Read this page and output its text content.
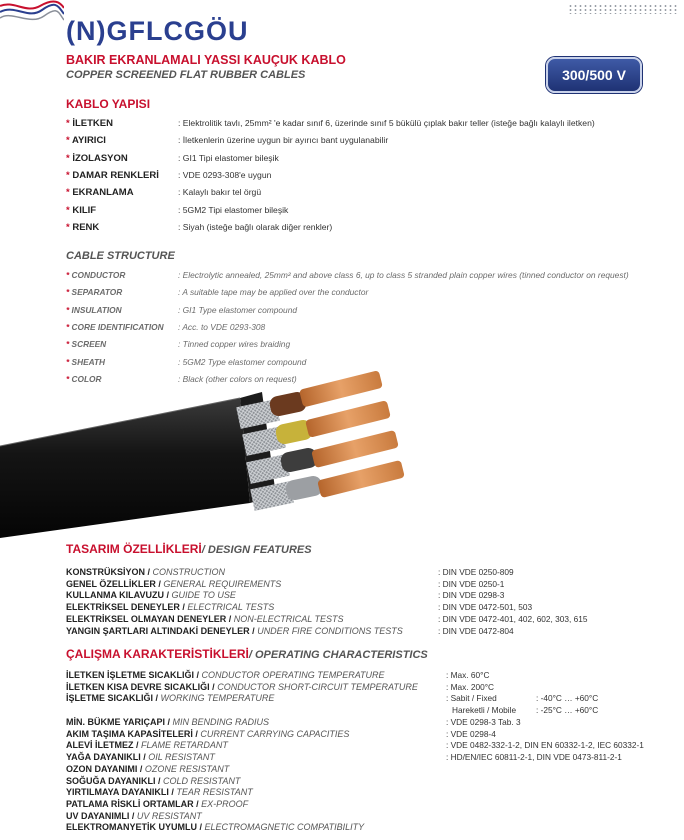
(N)GFLCGÖU
BAKIR EKRANLAMALI YASSI KAUÇUK KABLO
COPPER SCREENED FLAT RUBBER CABLES	300/500 V
KABLO YAPISI
* İLETKEN	: Elektrolitik tavlı, 25mm² 'e kadar sınıf 6, üzerinde sınıf 5 bükülü çıplak bakır teller (isteğe bağlı kalaylı iletken)
* AYIRICI	: İletkenlerin üzerine uygun bir ayırıcı bant uygulanabilir
* İZOLASYON	: GI1 Tipi elastomer bileşik
* DAMAR RENKLERİ : VDE 0293-308'e uygun
* EKRANLAMA	: Kalaylı bakır tel örgü
* KILIF	: 5GM2 Tipi elastomer bileşik
* RENK	: Siyah (isteğe bağlı olarak diğer renkler)
CABLE STRUCTURE
* CONDUCTOR	: Electrolytic annealed, 25mm² and above class 6, up to class 5 stranded plain copper wires (tinned conductor on request)
* SEPARATOR	: A suitable tape may be applied over the conductor
* INSULATION	: GI1 Type elastomer compound
* CORE IDENTIFICATION : Acc. to VDE 0293-308
* SCREEN	: Tinned copper wires braiding
* SHEATH	: 5GM2 Type elastomer compound
* COLOR	: Black (other colors on request)
TASARIM ÖZELLİKLERİ/ DESIGN FEATURES
KONSTRÜKSİYON / CONSTRUCTION	: DIN VDE 0250-809
GENEL ÖZELLİKLER / GENERAL REQUIREMENTS	: DIN VDE 0250-1
KULLANMA KILAVUZU / GUIDE TO USE	: DIN VDE 0298-3
ELEKTRİKSEL DENEYLER / ELECTRICAL TESTS	: DIN VDE 0472-501, 503
ELEKTRİKSEL OLMAYAN DENEYLER / NON-ELECTRICAL TESTS	: DIN VDE 0472-401, 402, 602, 303, 615
YANGIN ŞARTLARI ALTINDAKİ DENEYLER / UNDER FIRE CONDITIONS TESTS	: DIN VDE 0472-804
ÇALIŞMA KARAKTERİSTİKLERİ/ OPERATING CHARACTERISTICS
İLETKEN İŞLETME SICAKLIĞI / CONDUCTOR OPERATING TEMPERATURE	: Max. 60°C
İLETKEN KISA DEVRE SICAKLIĞI / CONDUCTOR SHORT-CIRCUIT TEMPERATURE	: Max. 200°C
İŞLETME SICAKLIĞI / WORKING TEMPERATURE	: Sabit / Fixed	: -40°C … +60°C
Hareketli / Mobile : -25°C … +60°C
MİN. BÜKME YARIÇAPI / MIN BENDING RADIUS	: VDE 0298-3 Tab. 3
AKIM TAŞIMA KAPASİTELERİ / CURRENT CARRYING CAPACITIES	: VDE 0298-4
ALEVİ İLETMEZ / FLAME RETARDANT	: VDE 0482-332-1-2, DIN EN 60332-1-2, IEC 60332-1
YAĞA DAYANIKLI / OIL RESISTANT	: HD/EN/IEC 60811-2-1, DIN VDE 0473-811-2-1
OZON DAYANIMI / OZONE RESISTANT
SOĞUĞA DAYANIKLI / COLD RESISTANT
YIRTILMAYA DAYANIKLI / TEAR RESISTANT
PATLAMA RİSKLİ ORTAMLAR / EX-PROOF
UV DAYANIMLI / UV RESISTANT
ELEKTROMANYETİK UYUMLU / ELECTROMAGNETIC COMPATIBILITY
